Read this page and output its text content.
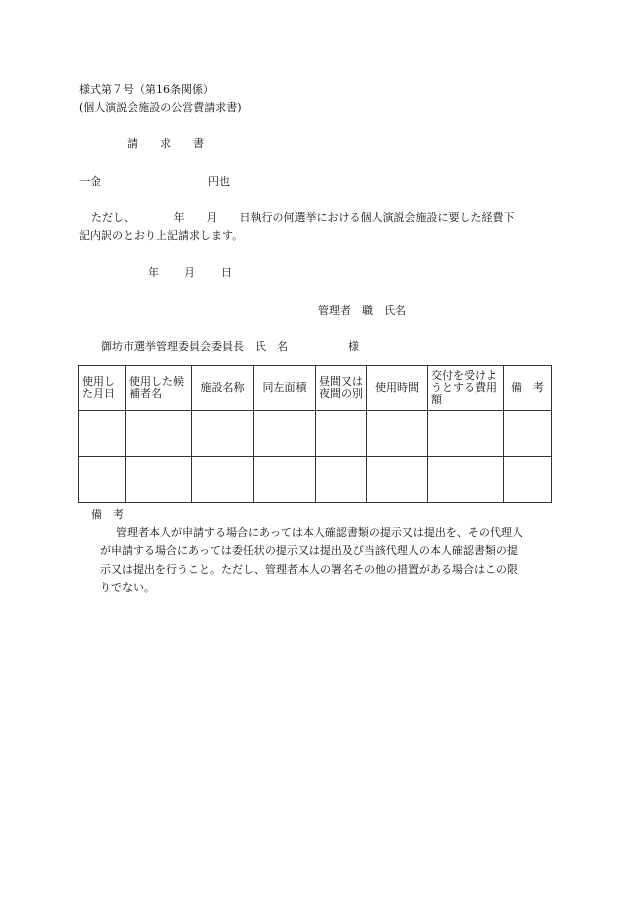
様式第７号（第16条関係）

(個人演説会施設の公営費請求書)

請　　求　　書

一金	円也

ただし、　　　　年　　月　　日執行の何選挙における個人演説会施設に要した経費下

記内訳のとおり上記請求します。

年 月 日

管理者　職　氏名

御坊市選挙管理委員会委員長　氏　名	様

使用した月日	使用した候補者名	施設名称	同左面積	昼間又は夜間の別	使用時間	交付を受けようとする費用額	備　考

備　考

管理者本人が申請する場合にあっては本人確認書類の提示又は提出を、その代理人

が申請する場合にあっては委任状の提示又は提出及び当該代理人の本人確認書類の提

示又は提出を行うこと。ただし、管理者本人の署名その他の措置がある場合はこの限

りでない。
